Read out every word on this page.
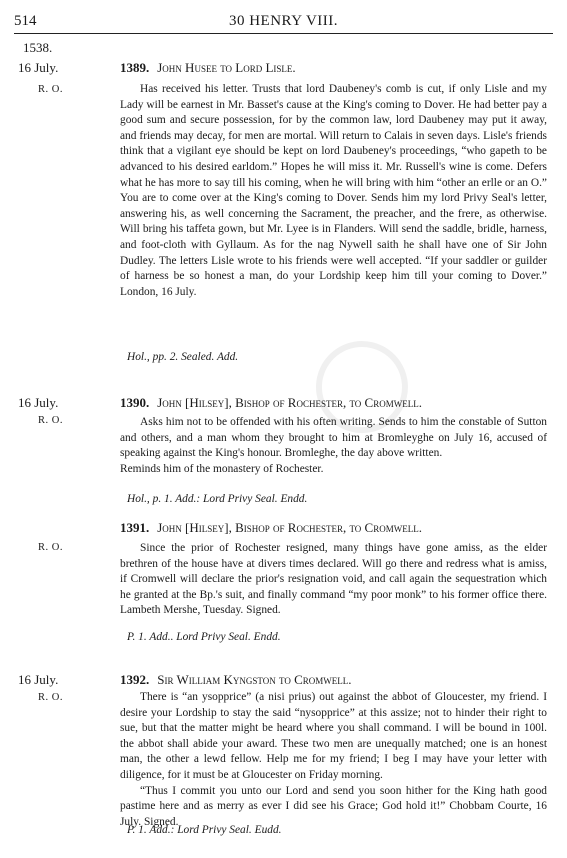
514	30 HENRY VIII.
1538.
16 July.
R. O.
1389. John Husee to Lord Lisle.

Has received his letter. Trusts that lord Daubeney's comb is cut, if only Lisle and my Lady will be earnest in Mr. Basset's cause at the King's coming to Dover. He had better pay a good sum and secure possession, for by the common law, lord Daubeney may put it away, and friends may decay, for men are mortal. Will return to Calais in seven days. Lisle's friends think that a vigilant eye should be kept on lord Daubeney's proceedings, “who gapeth to be advanced to his desired earldom.” Hopes he will miss it. Mr. Russell's wine is come. Defers what he has more to say till his coming, when he will bring with him “other an erlle or an O.” You are to come over at the King's coming to Dover. Sends him my lord Privy Seal's letter, answering his, as well concerning the Sacrament, the preacher, and the frere, as otherwise. Will bring his taffeta gown, but Mr. Lyee is in Flanders. Will send the saddle, bridle, harness, and foot-cloth with Gyllaum. As for the nag Nywell saith he shall have one of Sir John Dudley. The letters Lisle wrote to his friends were well accepted. “If your saddler or guilder of harness be so honest a man, do your Lordship keep him till your coming to Dover.” London, 16 July.

Hol., pp. 2. Sealed. Add.
16 July.
R. O.
1390. John [Hilsey], Bishop of Rochester, to Cromwell.

Asks him not to be offended with his often writing. Sends to him the constable of Sutton and others, and a man whom they brought to him at Bromleyghe on July 16, accused of speaking against the King's honour. Bromleghe, the day above written.

Reminds him of the monastery of Rochester.

Hol., p. 1. Add.: Lord Privy Seal. Endd.
R. O.
1391. John [Hilsey], Bishop of Rochester, to Cromwell.

Since the prior of Rochester resigned, many things have gone amiss, as the elder brethren of the house have at divers times declared. Will go there and redress what is amiss, if Cromwell will declare the prior's resignation void, and call again the sequestration which he granted at the Bp.'s suit, and finally command “my poor monk” to his former office there. Lambeth Mershe, Tuesday. Signed.

P. 1. Add.. Lord Privy Seal. Endd.
16 July.
R. O.
1392. Sir William Kyngston to Cromwell.

There is “an ysopprice” (a nisi prius) out against the abbot of Gloucester, my friend. I desire your Lordship to stay the said “nysopprice” at this assize; not to hinder their right to sue, but that the matter might be heard where you shall command. I will be bound in 100l. the abbot shall abide your award. These two men are unequally matched; one is an honest man, the other a lewd fellow. Help me for my friend; I beg I may have your letter with diligence, for it must be at Gloucester on Friday morning.

“Thus I commit you unto our Lord and send you soon hither for the King hath good pastime here and as merry as ever I did see his Grace; God hold it!” Chobbam Courte, 16 July. Signed.

P. 1. Add.: Lord Privy Seal. Eudd.
